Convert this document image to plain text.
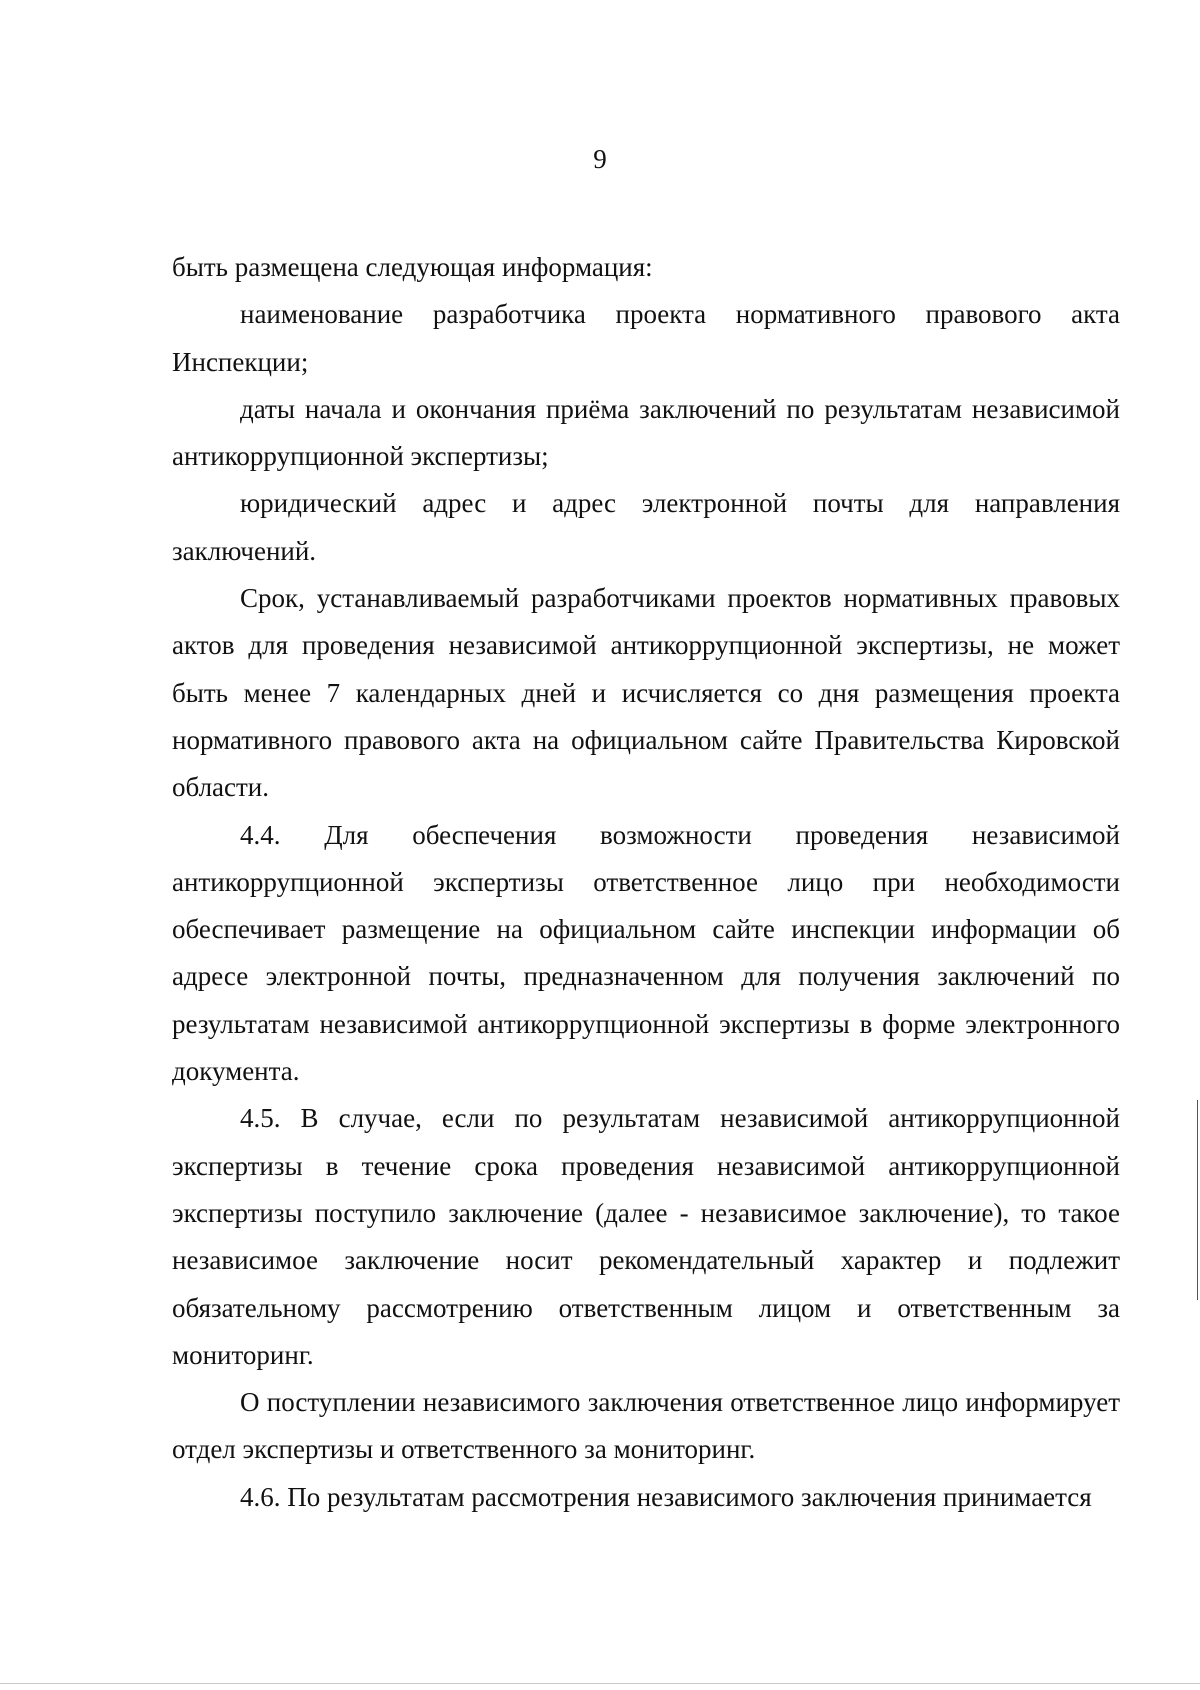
9

быть размещена следующая информация:

наименование разработчика проекта нормативного правового акта Инспекции;

даты начала и окончания приёма заключений по результатам независимой антикоррупционной экспертизы;

юридический адрес и адрес электронной почты для направления заключений.

Срок, устанавливаемый разработчиками проектов нормативных правовых актов для проведения независимой антикоррупционной экспертизы, не может быть менее 7 календарных дней и исчисляется со дня размещения проекта нормативного правового акта на официальном сайте Правительства Кировской области.

4.4. Для обеспечения возможности проведения независимой антикоррупционной экспертизы ответственное лицо при необходимости обеспечивает размещение на официальном сайте инспекции информации об адресе электронной почты, предназначенном для получения заключений по результатам независимой антикоррупционной экспертизы в форме электронного документа.

4.5. В случае, если по результатам независимой антикоррупционной экспертизы в течение срока проведения независимой антикоррупционной экспертизы поступило заключение (далее - независимое заключение), то такое независимое заключение носит рекомендательный характер и подлежит обязательному рассмотрению ответственным лицом и ответственным за мониторинг.

О поступлении независимого заключения ответственное лицо информирует отдел экспертизы и ответственного за мониторинг.

4.6. По результатам рассмотрения независимого заключения принимается
